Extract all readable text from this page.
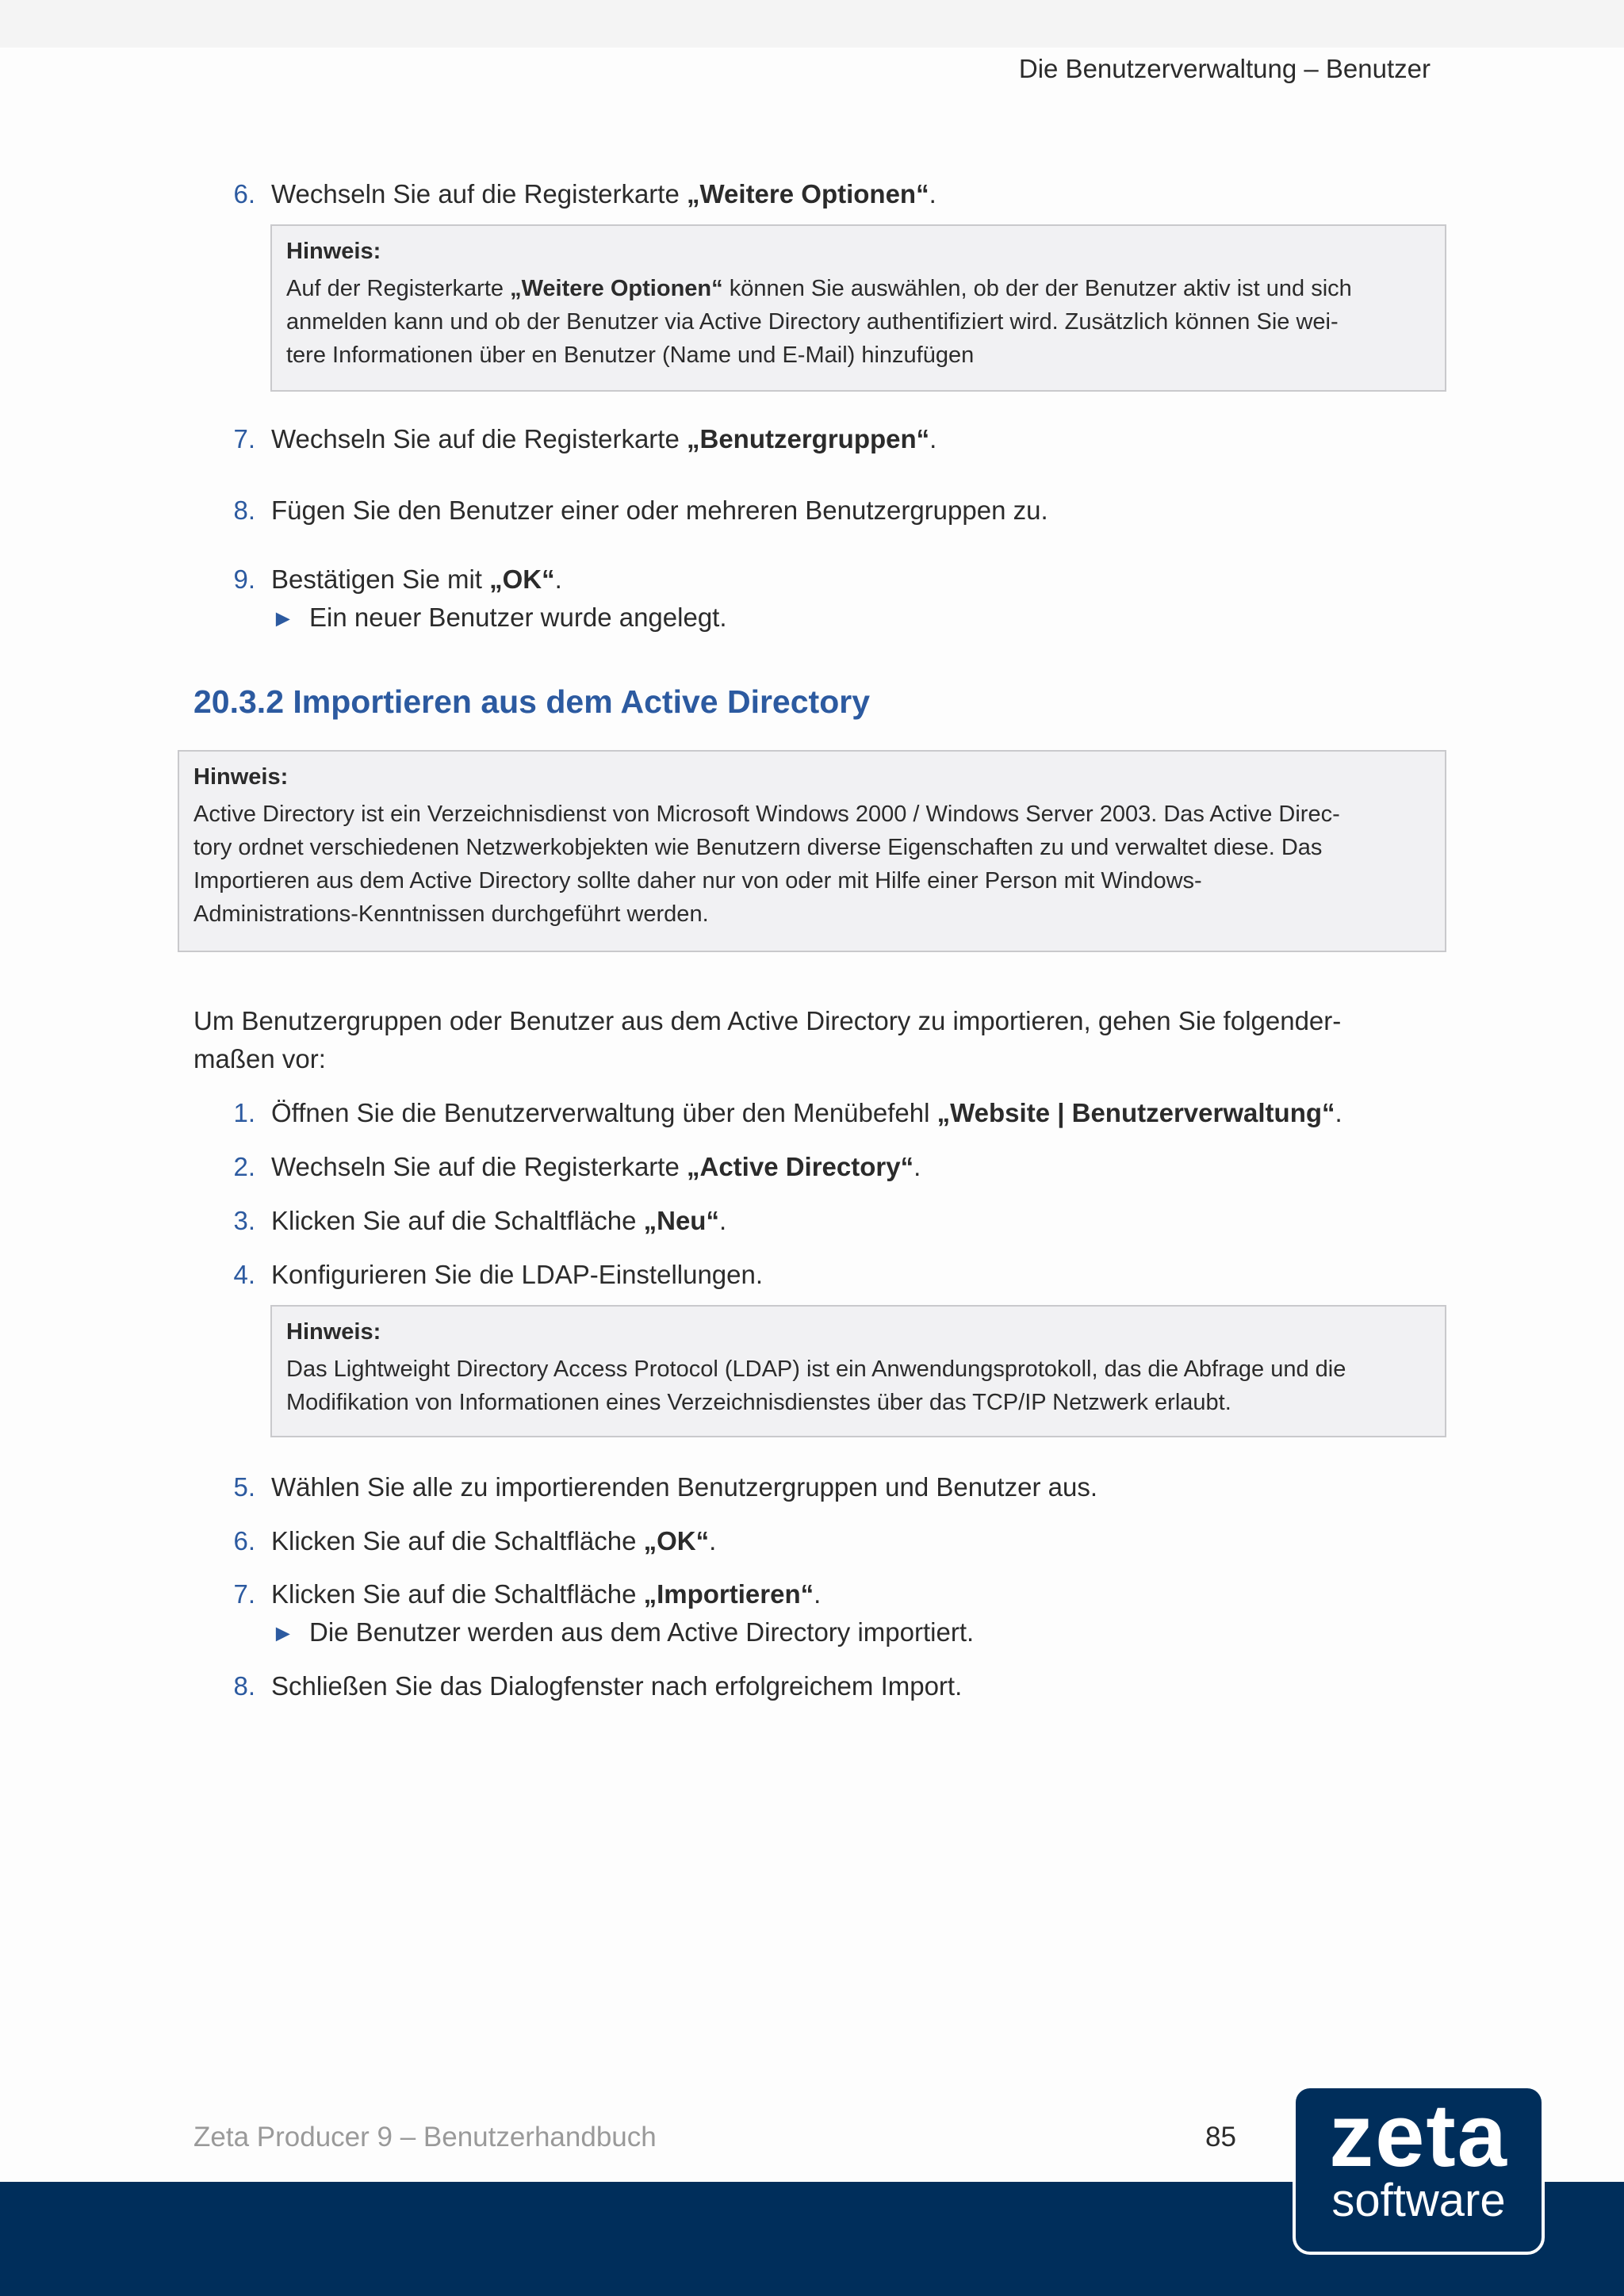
Die Benutzerverwaltung – Benutzer
6. Wechseln Sie auf die Registerkarte „Weitere Optionen“.
Hinweis:

Auf der Registerkarte „Weitere Optionen“ können Sie auswählen, ob der der Benutzer aktiv ist und sich

anmelden kann und ob der Benutzer via Active Directory authentifiziert wird. Zusätzlich können Sie wei-

tere Informationen über en Benutzer (Name und E-Mail) hinzufügen

7. Wechseln Sie auf die Registerkarte „Benutzergruppen“.
8. Fügen Sie den Benutzer einer oder mehreren Benutzergruppen zu.
9. Bestätigen Sie mit „OK“.
► Ein neuer Benutzer wurde angelegt.
20.3.2 Importieren aus dem Active Directory
Hinweis:

Active Directory ist ein Verzeichnisdienst von Microsoft Windows 2000 / Windows Server 2003. Das Active Direc-

tory ordnet verschiedenen Netzwerkobjekten wie Benutzern diverse Eigenschaften zu und verwaltet diese. Das

Importieren aus dem Active Directory sollte daher nur von oder mit Hilfe einer Person mit Windows-

Administrations-Kenntnissen durchgeführt werden.

Um Benutzergruppen oder Benutzer aus dem Active Directory zu importieren, gehen Sie folgender-
maßen vor:
1. Öffnen Sie die Benutzerverwaltung über den Menübefehl „Website | Benutzerverwaltung“.
2. Wechseln Sie auf die Registerkarte „Active Directory“.
3. Klicken Sie auf die Schaltfläche „Neu“.
4. Konfigurieren Sie die LDAP-Einstellungen.
Hinweis:

Das Lightweight Directory Access Protocol (LDAP) ist ein Anwendungsprotokoll, das die Abfrage und die

Modifikation von Informationen eines Verzeichnisdienstes über das TCP/IP Netzwerk erlaubt.

5. Wählen Sie alle zu importierenden Benutzergruppen und Benutzer aus.
6. Klicken Sie auf die Schaltfläche „OK“.
7. Klicken Sie auf die Schaltfläche „Importieren“.
► Die Benutzer werden aus dem Active Directory importiert.
8. Schließen Sie das Dialogfenster nach erfolgreichem Import.
Zeta Producer 9 – Benutzerhandbuch	85	zeta
software
